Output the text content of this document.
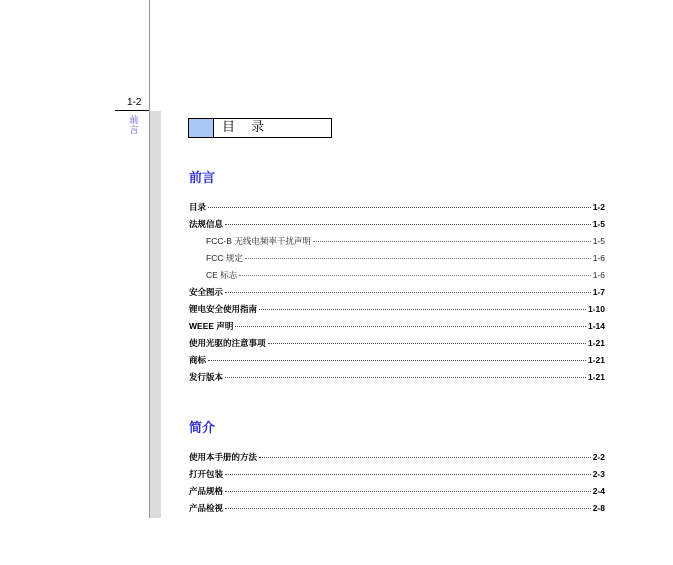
1-2
前言	目 录
前言
目录	1-2
法规信息	1-5
FCC-B 无线电频率干扰声明	1-5
FCC 规定	1-6
CE 标志	1-6
安全图示	1-7
锂电安全使用指南	1-10
WEEE 声明	1-14
使用光驱的注意事项	1-21
商标	1-21
发行版本	1-21
简介
使用本手册的方法	2-2
打开包装	2-3
产品规格	2-4
产品检视	2-8
